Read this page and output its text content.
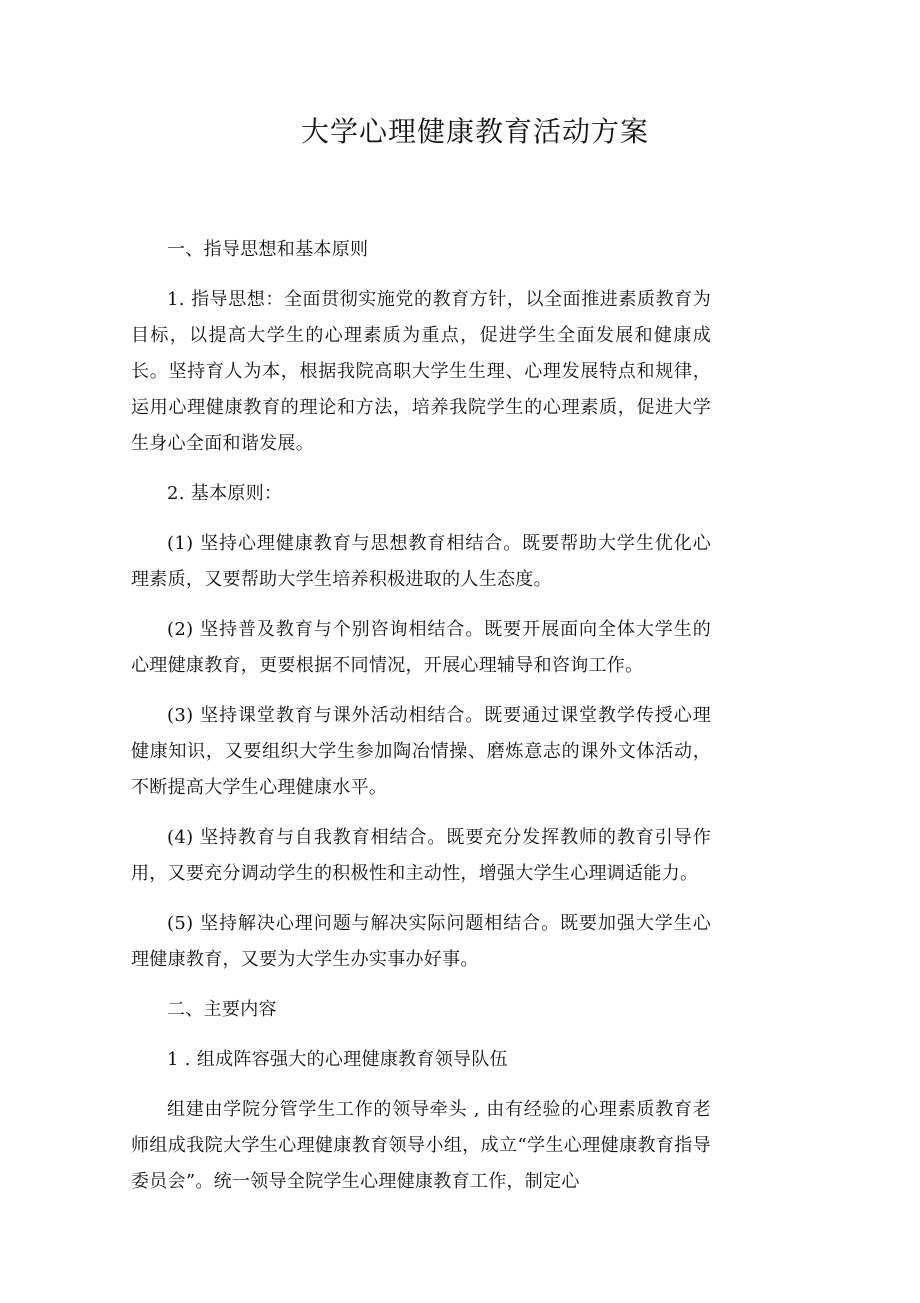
大学心理健康教育活动方案

一、指导思想和基本原则

1. 指导思想：全面贯彻实施党的教育方针，以全面推进素质教育为目标，以提高大学生的心理素质为重点，促进学生全面发展和健康成长。坚持育人为本，根据我院高职大学生生理、心理发展特点和规律，运用心理健康教育的理论和方法，培养我院学生的心理素质，促进大学生身心全面和谐发展。

2. 基本原则：

(1) 坚持心理健康教育与思想教育相结合。既要帮助大学生优化心理素质，又要帮助大学生培养积极进取的人生态度。

(2) 坚持普及教育与个别咨询相结合。既要开展面向全体大学生的心理健康教育，更要根据不同情况，开展心理辅导和咨询工作。

(3) 坚持课堂教育与课外活动相结合。既要通过课堂教学传授心理健康知识，又要组织大学生参加陶冶情操、磨炼意志的课外文体活动，不断提高大学生心理健康水平。

(4) 坚持教育与自我教育相结合。既要充分发挥教师的教育引导作用，又要充分调动学生的积极性和主动性，增强大学生心理调适能力。

(5) 坚持解决心理问题与解决实际问题相结合。既要加强大学生心理健康教育，又要为大学生办实事办好事。

二、主要内容

1 . 组成阵容强大的心理健康教育领导队伍

组建由学院分管学生工作的领导牵头 , 由有经验的心理素质教育老师组成我院大学生心理健康教育领导小组，成立“学生心理健康教育指导委员会”。统一领导全院学生心理健康教育工作，制定心
